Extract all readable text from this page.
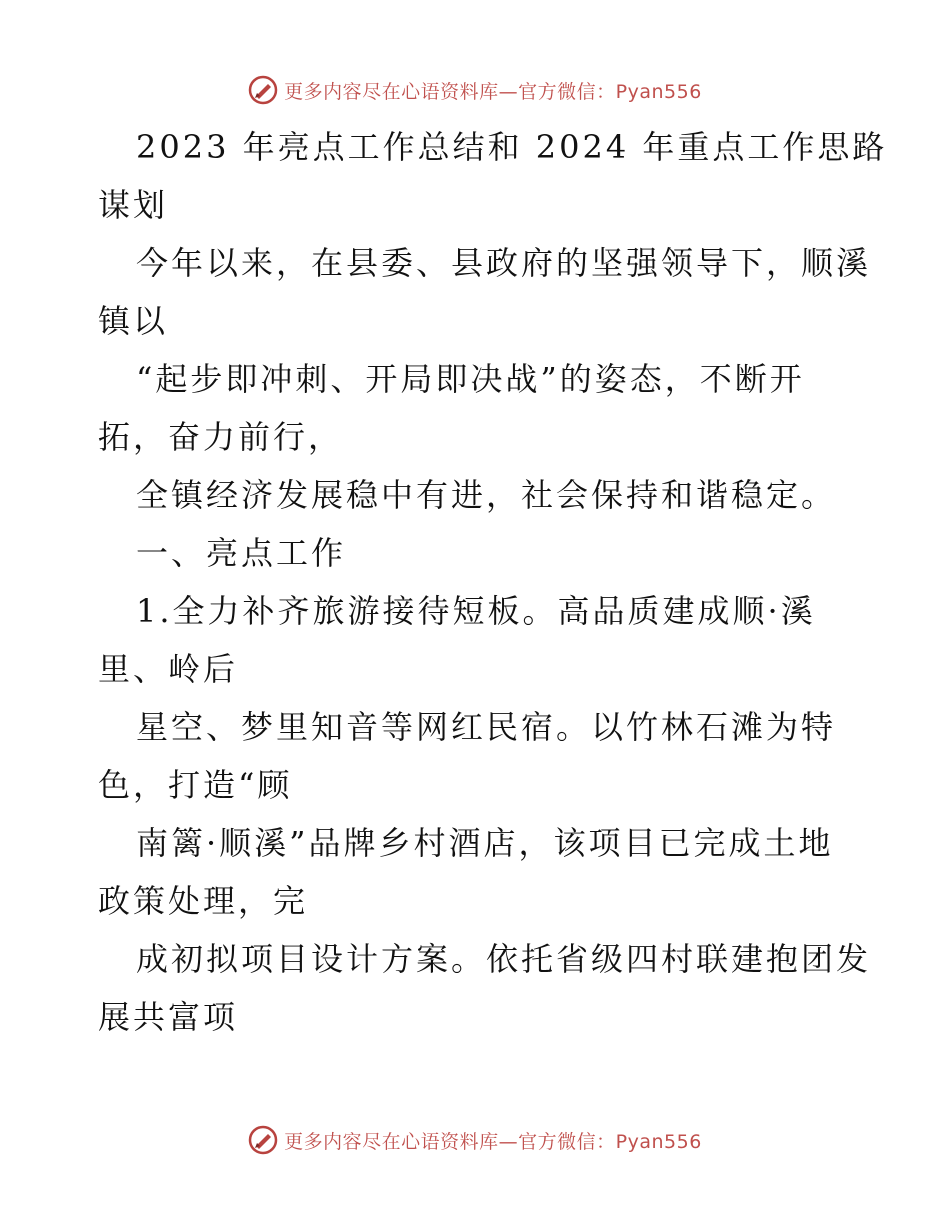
更多内容尽在心语资料库—官方微信：Pyan556
2023 年亮点工作总结和 2024 年重点工作思路
谋划
今年以来，在县委、县政府的坚强领导下，顺溪
镇以
“起步即冲刺、开局即决战”的姿态，不断开
拓，奋力前行，
全镇经济发展稳中有进，社会保持和谐稳定。
一、亮点工作
1.全力补齐旅游接待短板。高品质建成顺·溪
里、岭后
星空、梦里知音等网红民宿。以竹林石滩为特
色，打造“顾
南篱·顺溪”品牌乡村酒店，该项目已完成土地
政策处理，完
成初拟项目设计方案。依托省级四村联建抱团发
展共富项
更多内容尽在心语资料库—官方微信：Pyan556
